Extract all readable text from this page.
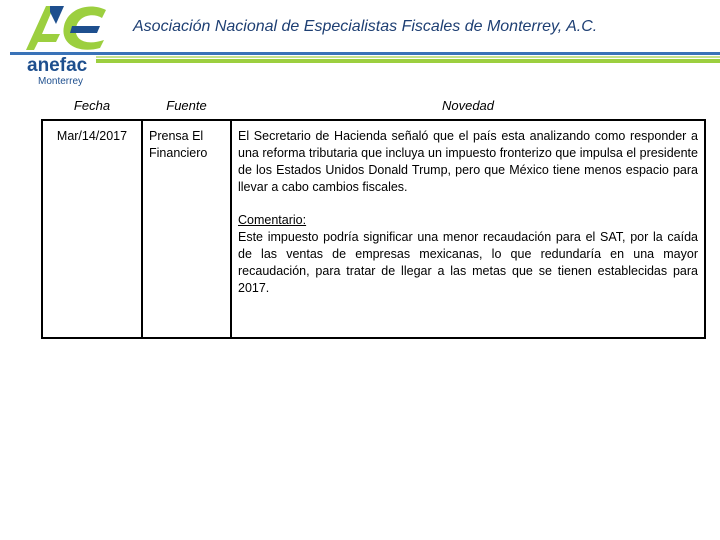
anefac
Monterrey
Asociación Nacional de Especialistas Fiscales de Monterrey, A.C.
Fecha	Fuente	Novedad
Mar/14/2017	Prensa El Financiero	El Secretario de Hacienda señaló que el país esta analizando como responder a una reforma tributaria que incluya un impuesto fronterizo que impulsa el presidente de los Estados Unidos Donald Trump, pero que México tiene menos espacio para llevar a cabo cambios fiscales.
Comentario:
Este impuesto podría significar una menor recaudación para el SAT, por la caída de las ventas de empresas mexicanas, lo que redundaría en una mayor recaudación, para tratar de llegar a las metas que se tienen establecidas para 2017.
